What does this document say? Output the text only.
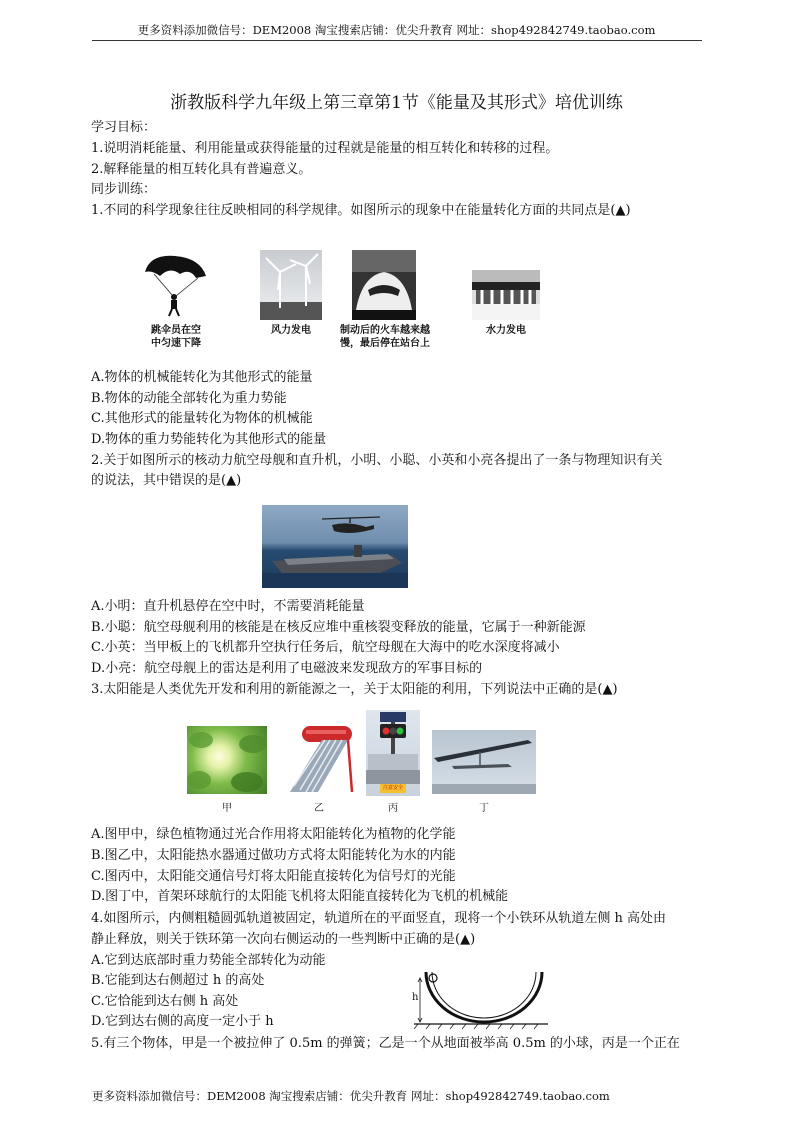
更多资料添加微信号：DEM2008 淘宝搜索店铺：优尖升教育 网址：shop492842749.taobao.com
浙教版科学九年级上第三章第1节《能量及其形式》培优训练
学习目标：
1.说明消耗能量、利用能量或获得能量的过程就是能量的相互转化和转移的过程。
2.解释能量的相互转化具有普遍意义。
同步训练：
1.不同的科学现象往往反映相同的科学规律。如图所示的现象中在能量转化方面的共同点是(▲)
跳伞员在空
中匀速下降
风力发电	制动后的火车越来越
慢，最后停在站台上
水力发电
A.物体的机械能转化为其他形式的能量
B.物体的动能全部转化为重力势能
C.其他形式的能量转化为物体的机械能
D.物体的重力势能转化为其他形式的能量
2.关于如图所示的核动力航空母舰和直升机，小明、小聪、小英和小亮各提出了一条与物理知识有关
的说法，其中错误的是(▲)
A.小明：直升机悬停在空中时，不需要消耗能量
B.小聪：航空母舰利用的核能是在核反应堆中重核裂变释放的能量，它属于一种新能源
C.小英：当甲板上的飞机都升空执行任务后，航空母舰在大海中的吃水深度将减小
D.小亮：航空母舰上的雷达是利用了电磁波来发现敌方的军事目标的
3.太阳能是人类优先开发和利用的新能源之一，关于太阳能的利用，下列说法中正确的是(▲)
甲	乙
注意安全
丙	丁
A.图甲中，绿色植物通过光合作用将太阳能转化为植物的化学能
B.图乙中，太阳能热水器通过做功方式将太阳能转化为水的内能
C.图丙中，太阳能交通信号灯将太阳能直接转化为信号灯的光能
D.图丁中，首架环球航行的太阳能飞机将太阳能直接转化为飞机的机械能
4.如图所示，内侧粗糙圆弧轨道被固定，轨道所在的平面竖直，现将一个小铁环从轨道左侧 h 高处由
静止释放，则关于铁环第一次向右侧运动的一些判断中正确的是(▲)
A.它到达底部时重力势能全部转化为动能
B.它能到达右侧超过 h 的高处
C.它恰能到达右侧 h 高处
D.它到达右侧的高度一定小于 h
h
5.有三个物体，甲是一个被拉伸了 0.5m 的弹簧；乙是一个从地面被举高 0.5m 的小球，丙是一个正在
更多资料添加微信号：DEM2008 淘宝搜索店铺：优尖升教育 网址：shop492842749.taobao.com
